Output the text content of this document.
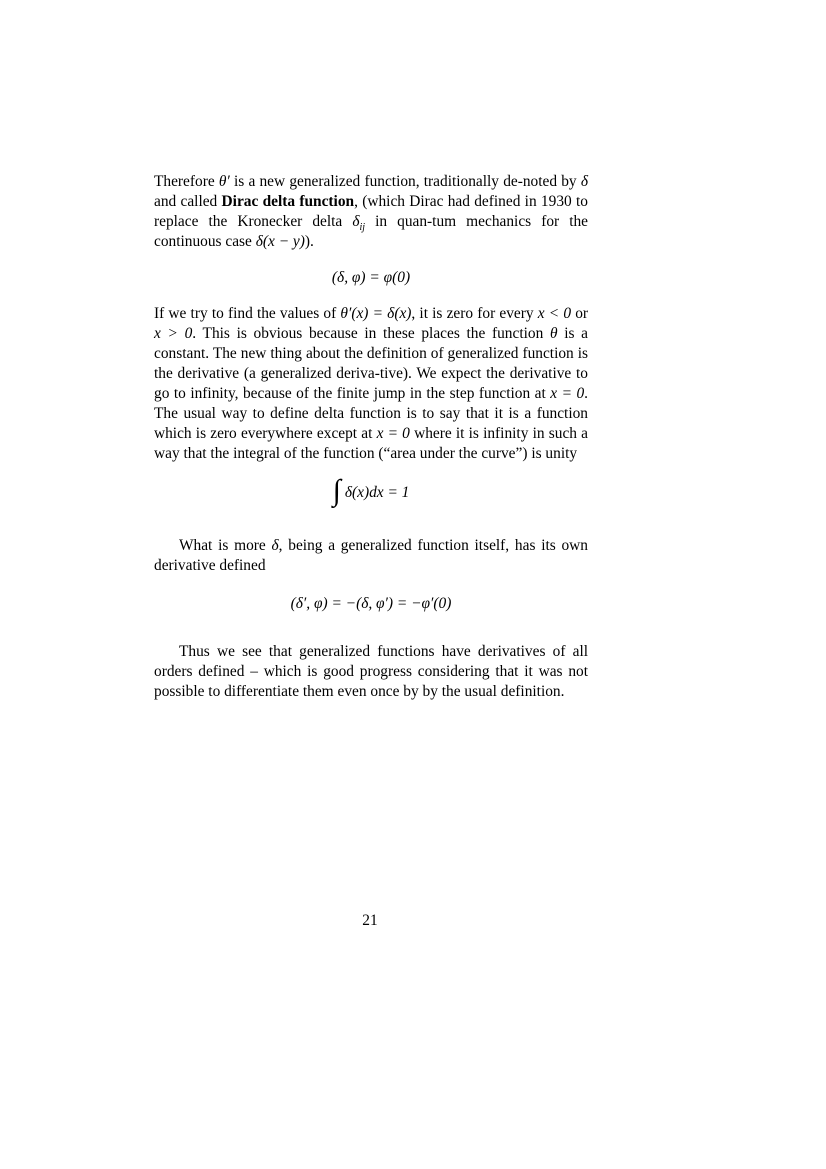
Therefore θ′ is a new generalized function, traditionally de-noted by δ and called Dirac delta function, (which Dirac had defined in 1930 to replace the Kronecker delta $\delta_{ij}$ in quan-tum mechanics for the continuous case δ(x − y)).

(δ, φ) = φ(0)

If we try to find the values of θ′(x) = δ(x), it is zero for every x < 0 or x > 0. This is obvious because in these places the function θ is a constant. The new thing about the definition of generalized function is the derivative (a generalized deriva-tive). We expect the derivative to go to infinity, because of the finite jump in the step function at x = 0. The usual way to define delta function is to say that it is a function which is zero everywhere except at x = 0 where it is infinity in such a way that the integral of the function (“area under the curve”) is unity

∫ δ(x)dx = 1

What is more δ, being a generalized function itself, has its own derivative defined

(δ′, φ) = −(δ, φ′) = −φ′(0)

Thus we see that generalized functions have derivatives of all orders defined – which is good progress considering that it was not possible to differentiate them even once by by the usual definition.

21
